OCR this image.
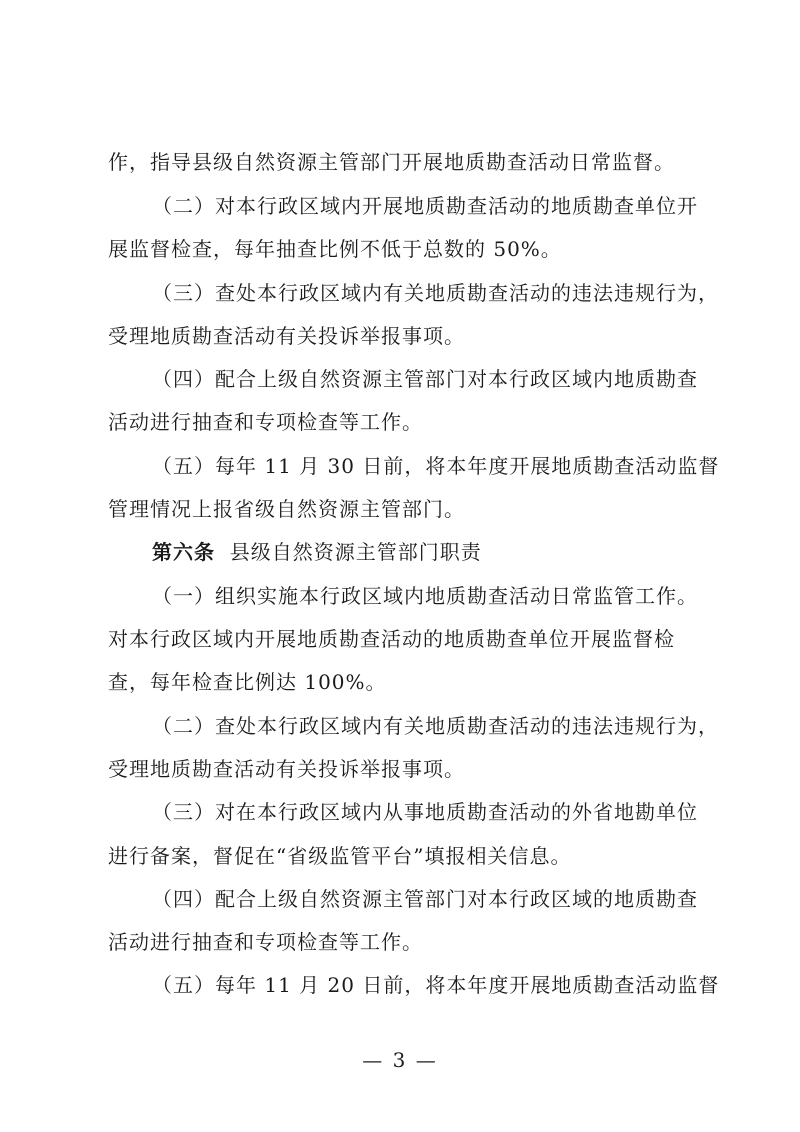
作，指导县级自然资源主管部门开展地质勘查活动日常监督。
（二）对本行政区域内开展地质勘查活动的地质勘查单位开
展监督检查，每年抽查比例不低于总数的 50%。
（三）查处本行政区域内有关地质勘查活动的违法违规行为，
受理地质勘查活动有关投诉举报事项。
（四）配合上级自然资源主管部门对本行政区域内地质勘查
活动进行抽查和专项检查等工作。
（五）每年 11 月 30 日前，将本年度开展地质勘查活动监督
管理情况上报省级自然资源主管部门。
第六条 县级自然资源主管部门职责
（一）组织实施本行政区域内地质勘查活动日常监管工作。
对本行政区域内开展地质勘查活动的地质勘查单位开展监督检
查，每年检查比例达 100%。
（二）查处本行政区域内有关地质勘查活动的违法违规行为，
受理地质勘查活动有关投诉举报事项。
（三）对在本行政区域内从事地质勘查活动的外省地勘单位
进行备案，督促在“省级监管平台”填报相关信息。
（四）配合上级自然资源主管部门对本行政区域的地质勘查
活动进行抽查和专项检查等工作。
（五）每年 11 月 20 日前，将本年度开展地质勘查活动监督
— 3 —
